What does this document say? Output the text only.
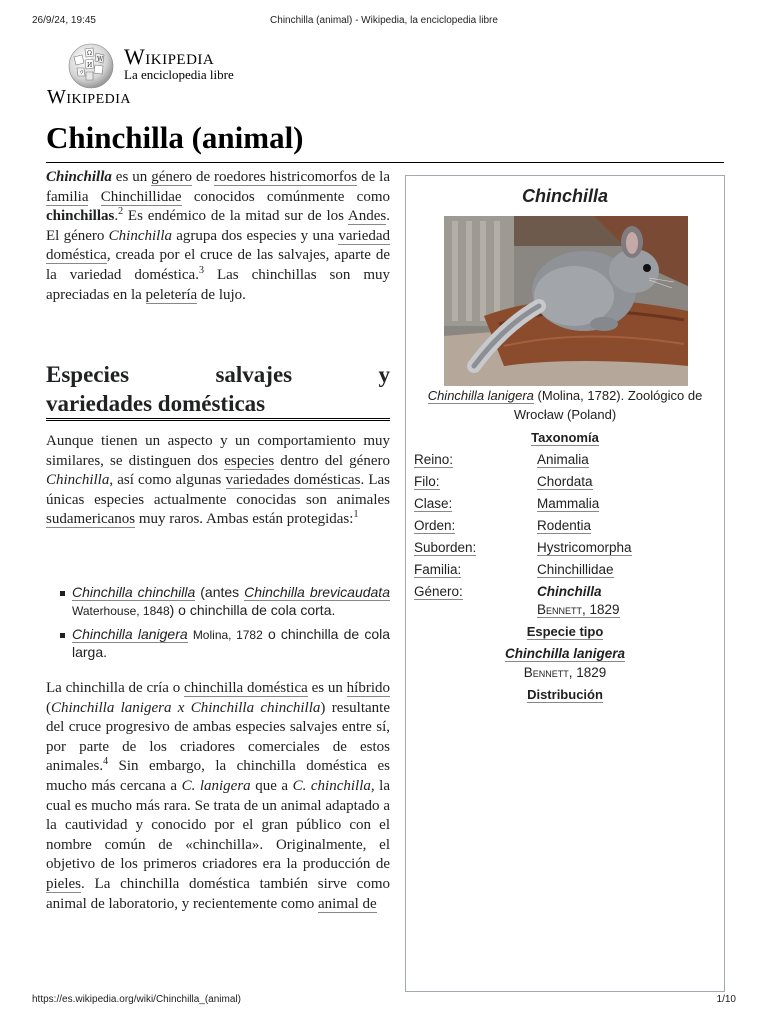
26/9/24, 19:45	Chinchilla (animal) - Wikipedia, la enciclopedia libre
Ω
W
И
ウ
Wikipedia
La enciclopedia libre
Wikipedia
Chinchilla (animal)

Chinchilla es un género de roedores histricomorfos de la familia Chinchillidae conocidos comúnmente como chinchillas.$^2$ Es endémico de la mitad sur de los Andes. El género Chinchilla agrupa dos especies y una variedad doméstica, creada por el cruce de las salvajes, aparte de la variedad doméstica.$^3$ Las chinchillas son muy apreciadas en la peletería de lujo.

Especies salvajes y
variedades domésticas

Aunque tienen un aspecto y un comportamiento muy similares, se distinguen dos especies dentro del género Chinchilla, así como algunas variedades domésticas. Las únicas especies actualmente conocidas son animales sudamericanos muy raros. Ambas están protegidas:$^1$

Chinchilla chinchilla (antes Chinchilla brevicaudata Waterhouse, 1848) o chinchilla de cola corta.
Chinchilla lanigera Molina, 1782 o chinchilla de cola larga.

La chinchilla de cría o chinchilla doméstica es un híbrido (Chinchilla lanigera x Chinchilla chinchilla) resultante del cruce progresivo de ambas especies salvajes entre sí, por parte de los criadores comerciales de estos animales.$^4$ Sin embargo, la chinchilla doméstica es mucho más cercana a C. lanigera que a C. chinchilla, la cual es mucho más rara. Se trata de un animal adaptado a la cautividad y conocido por el gran público con el nombre común de «chinchilla». Originalmente, el objetivo de los primeros criadores era la producción de pieles. La chinchilla doméstica también sirve como animal de laboratorio, y recientemente como animal de

Chinchilla
Chinchilla lanigera (Molina, 1782). Zoológico de Wrocław (Poland)
Taxonomía
Reino:	Animalia
Filo:	Chordata
Clase:	Mammalia
Orden:	Rodentia
Suborden:	Hystricomorpha
Familia:	Chinchillidae
Género:	Chinchilla
Bennett, 1829
Especie tipo
Chinchilla lanigera
Bennett, 1829
Distribución
https://es.wikipedia.org/wiki/Chinchilla_(animal)	1/10
